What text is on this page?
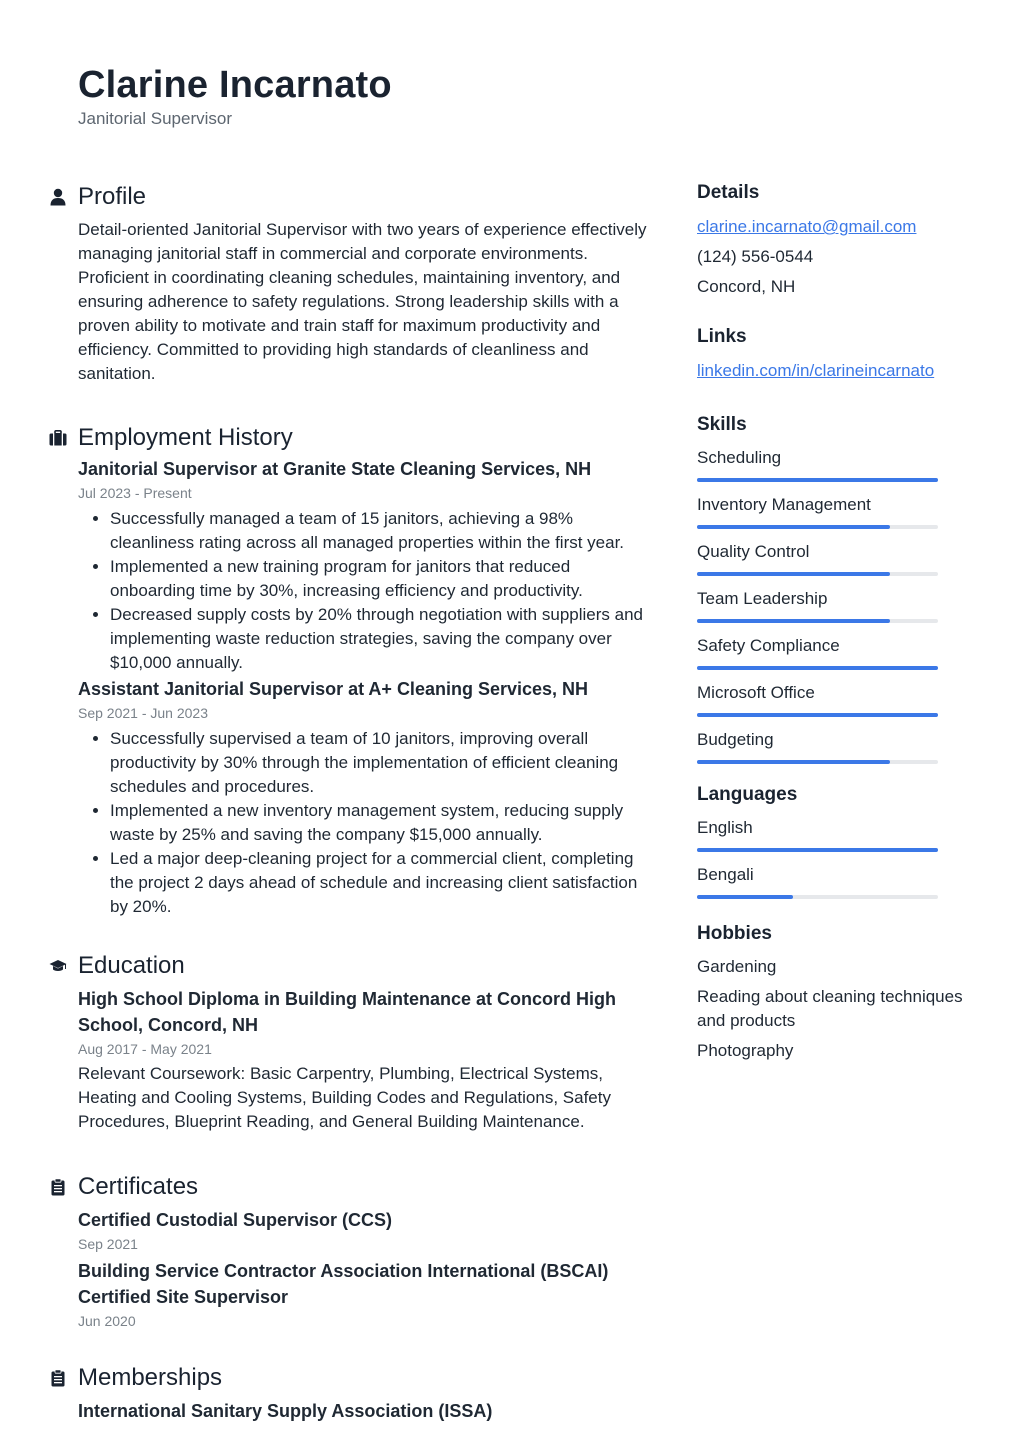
Clarine Incarnato
Janitorial Supervisor
Profile
Detail-oriented Janitorial Supervisor with two years of experience effectively managing janitorial staff in commercial and corporate environments. Proficient in coordinating cleaning schedules, maintaining inventory, and ensuring adherence to safety regulations. Strong leadership skills with a proven ability to motivate and train staff for maximum productivity and efficiency. Committed to providing high standards of cleanliness and sanitation.
Employment History
Janitorial Supervisor at Granite State Cleaning Services, NH
Jul 2023 - Present
• Successfully managed a team of 15 janitors, achieving a 98% cleanliness rating across all managed properties within the first year.
• Implemented a new training program for janitors that reduced onboarding time by 30%, increasing efficiency and productivity.
• Decreased supply costs by 20% through negotiation with suppliers and implementing waste reduction strategies, saving the company over $10,000 annually.
Assistant Janitorial Supervisor at A+ Cleaning Services, NH
Sep 2021 - Jun 2023
• Successfully supervised a team of 10 janitors, improving overall productivity by 30% through the implementation of efficient cleaning schedules and procedures.
• Implemented a new inventory management system, reducing supply waste by 25% and saving the company $15,000 annually.
• Led a major deep-cleaning project for a commercial client, completing the project 2 days ahead of schedule and increasing client satisfaction by 20%.
Education
High School Diploma in Building Maintenance at Concord High School, Concord, NH
Aug 2017 - May 2021
Relevant Coursework: Basic Carpentry, Plumbing, Electrical Systems, Heating and Cooling Systems, Building Codes and Regulations, Safety Procedures, Blueprint Reading, and General Building Maintenance.
Certificates
Certified Custodial Supervisor (CCS)
Sep 2021
Building Service Contractor Association International (BSCAI) Certified Site Supervisor
Jun 2020
Memberships
International Sanitary Supply Association (ISSA)
Details
clarine.incarnato@gmail.com
(124) 556-0544
Concord, NH
Links
linkedin.com/in/clarineincarnato
Skills
Scheduling
Inventory Management
Quality Control
Team Leadership
Safety Compliance
Microsoft Office
Budgeting
Languages
English
Bengali
Hobbies
Gardening
Reading about cleaning techniques and products
Photography
